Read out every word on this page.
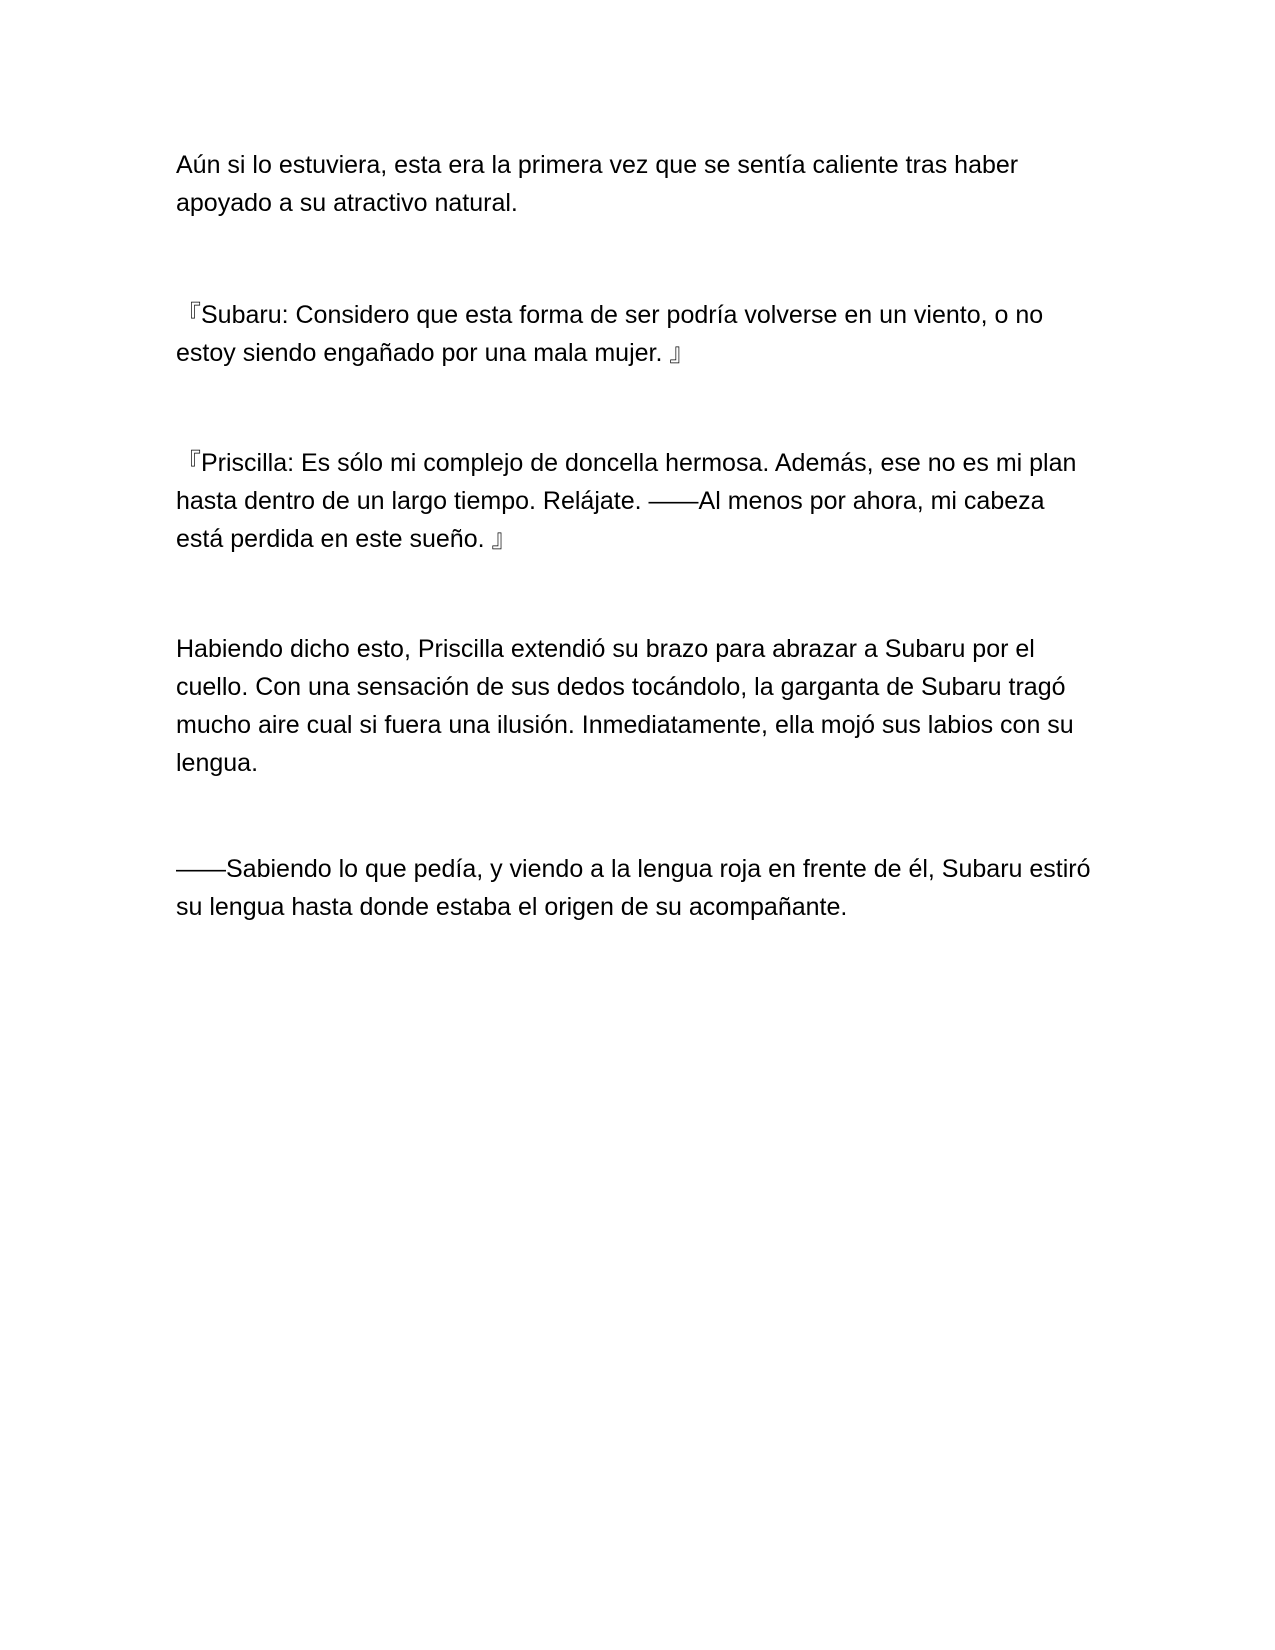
Aún si lo estuviera, esta era la primera vez que se sentía caliente tras haber apoyado a su atractivo natural.

『Subaru: Considero que esta forma de ser podría volverse en un viento, o no estoy siendo engañado por una mala mujer. 』

『Priscilla: Es sólo mi complejo de doncella hermosa. Además, ese no es mi plan hasta dentro de un largo tiempo. Relájate. ——Al menos por ahora, mi cabeza está perdida en este sueño. 』

Habiendo dicho esto, Priscilla extendió su brazo para abrazar a Subaru por el cuello. Con una sensación de sus dedos tocándolo, la garganta de Subaru tragó mucho aire cual si fuera una ilusión. Inmediatamente, ella mojó sus labios con su lengua.

——Sabiendo lo que pedía, y viendo a la lengua roja en frente de él, Subaru estiró su lengua hasta donde estaba el origen de su acompañante.
